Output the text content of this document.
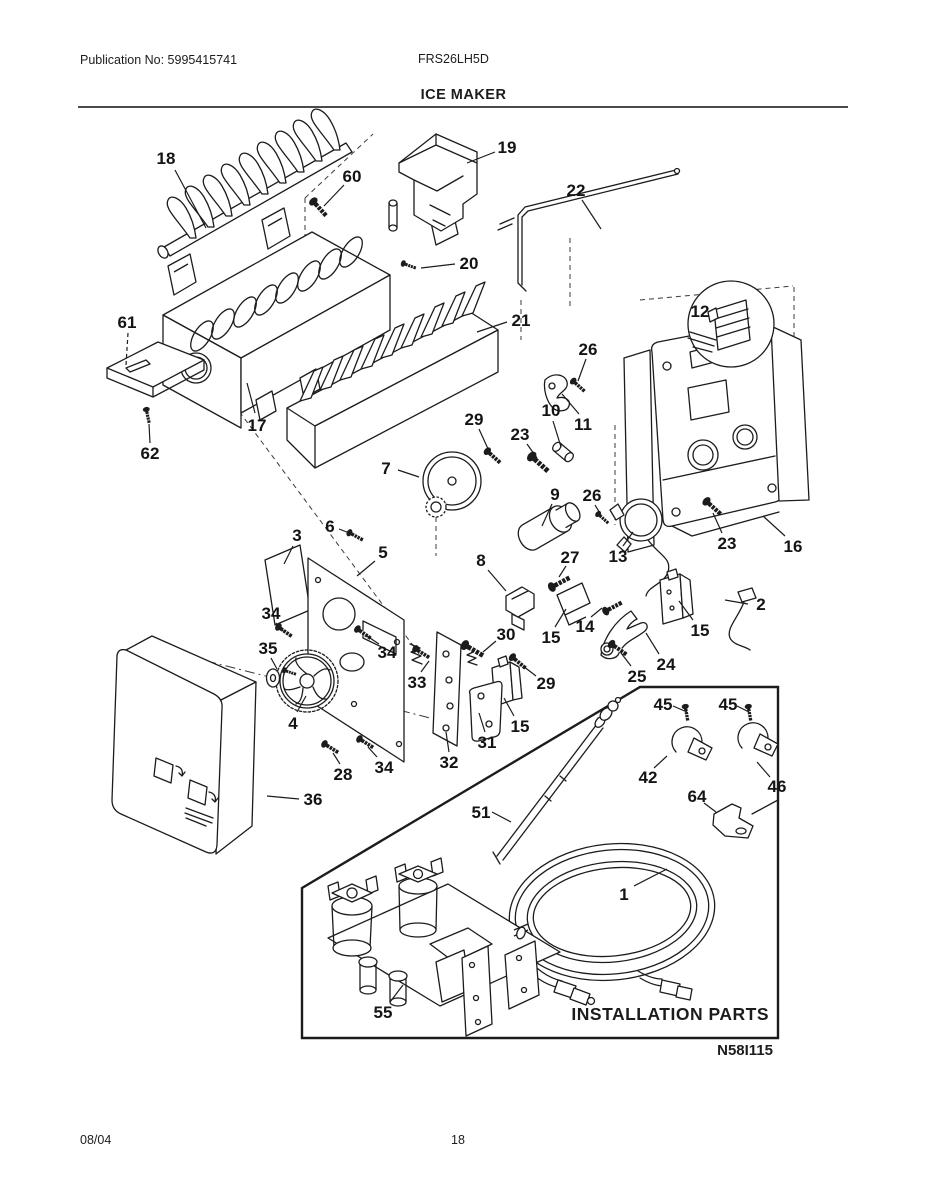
Publication No: 5995415741	FRS26LH5D
ICE MAKER
18
60
19
22
20
21
26
12
61
62
17	29	10
11
23
7
9 26
13
23	16
3 6
5	8	27
2
34
35	34
30 15
14
24
25
15
33	29
4
28 34	32
31
15
36
45	45
42	46
64
51
1
55	INSTALLATION PARTS
N58I115
08/04	18
